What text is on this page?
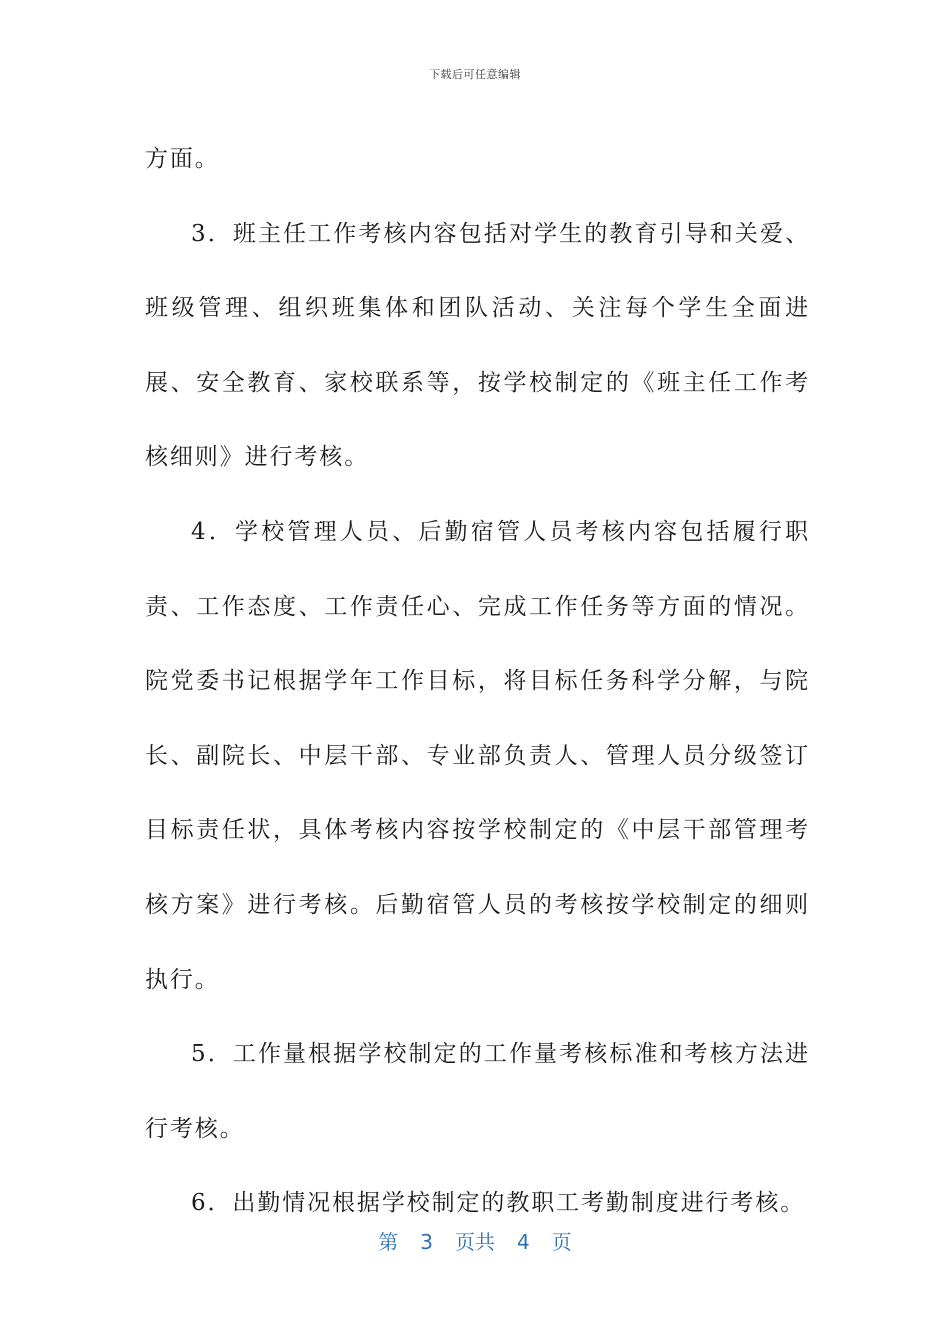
下载后可任意编辑

方面。

3．班主任工作考核内容包括对学生的教育引导和关爱、班级管理、组织班集体和团队活动、关注每个学生全面进展、安全教育、家校联系等，按学校制定的《班主任工作考核细则》进行考核。

4．学校管理人员、后勤宿管人员考核内容包括履行职责、工作态度、工作责任心、完成工作任务等方面的情况。院党委书记根据学年工作目标，将目标任务科学分解，与院长、副院长、中层干部、专业部负责人、管理人员分级签订目标责任状，具体考核内容按学校制定的《中层干部管理考核方案》进行考核。后勤宿管人员的考核按学校制定的细则执行。

5．工作量根据学校制定的工作量考核标准和考核方法进行考核。

6．出勤情况根据学校制定的教职工考勤制度进行考核。

第 3 页共 4 页
